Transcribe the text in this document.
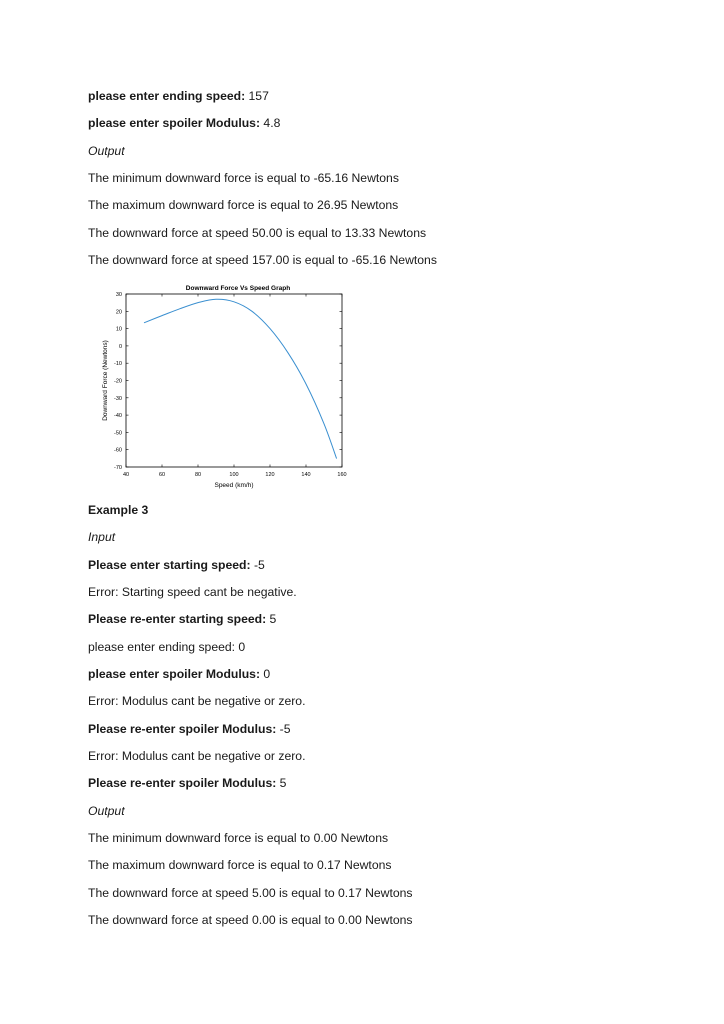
please enter ending speed: 157
please enter spoiler Modulus: 4.8
Output
The minimum downward force is equal to -65.16 Newtons
The maximum downward force is equal to 26.95 Newtons
The downward force at speed 50.00 is equal to 13.33 Newtons
The downward force at speed 157.00 is equal to -65.16 Newtons
Downward Force Vs Speed Graph
30
20
10
0
-10
-20
-30
-40
-50
-60
-70
40	60	80	100	120	140	160
Speed (km/h)
Downward Force (Newtons)
Example 3
Input
Please enter starting speed: -5
Error: Starting speed cant be negative.
Please re-enter starting speed: 5
please enter ending speed: 0
please enter spoiler Modulus: 0
Error: Modulus cant be negative or zero.
Please re-enter spoiler Modulus: -5
Error: Modulus cant be negative or zero.
Please re-enter spoiler Modulus: 5
Output
The minimum downward force is equal to 0.00 Newtons
The maximum downward force is equal to 0.17 Newtons
The downward force at speed 5.00 is equal to 0.17 Newtons
The downward force at speed 0.00 is equal to 0.00 Newtons
